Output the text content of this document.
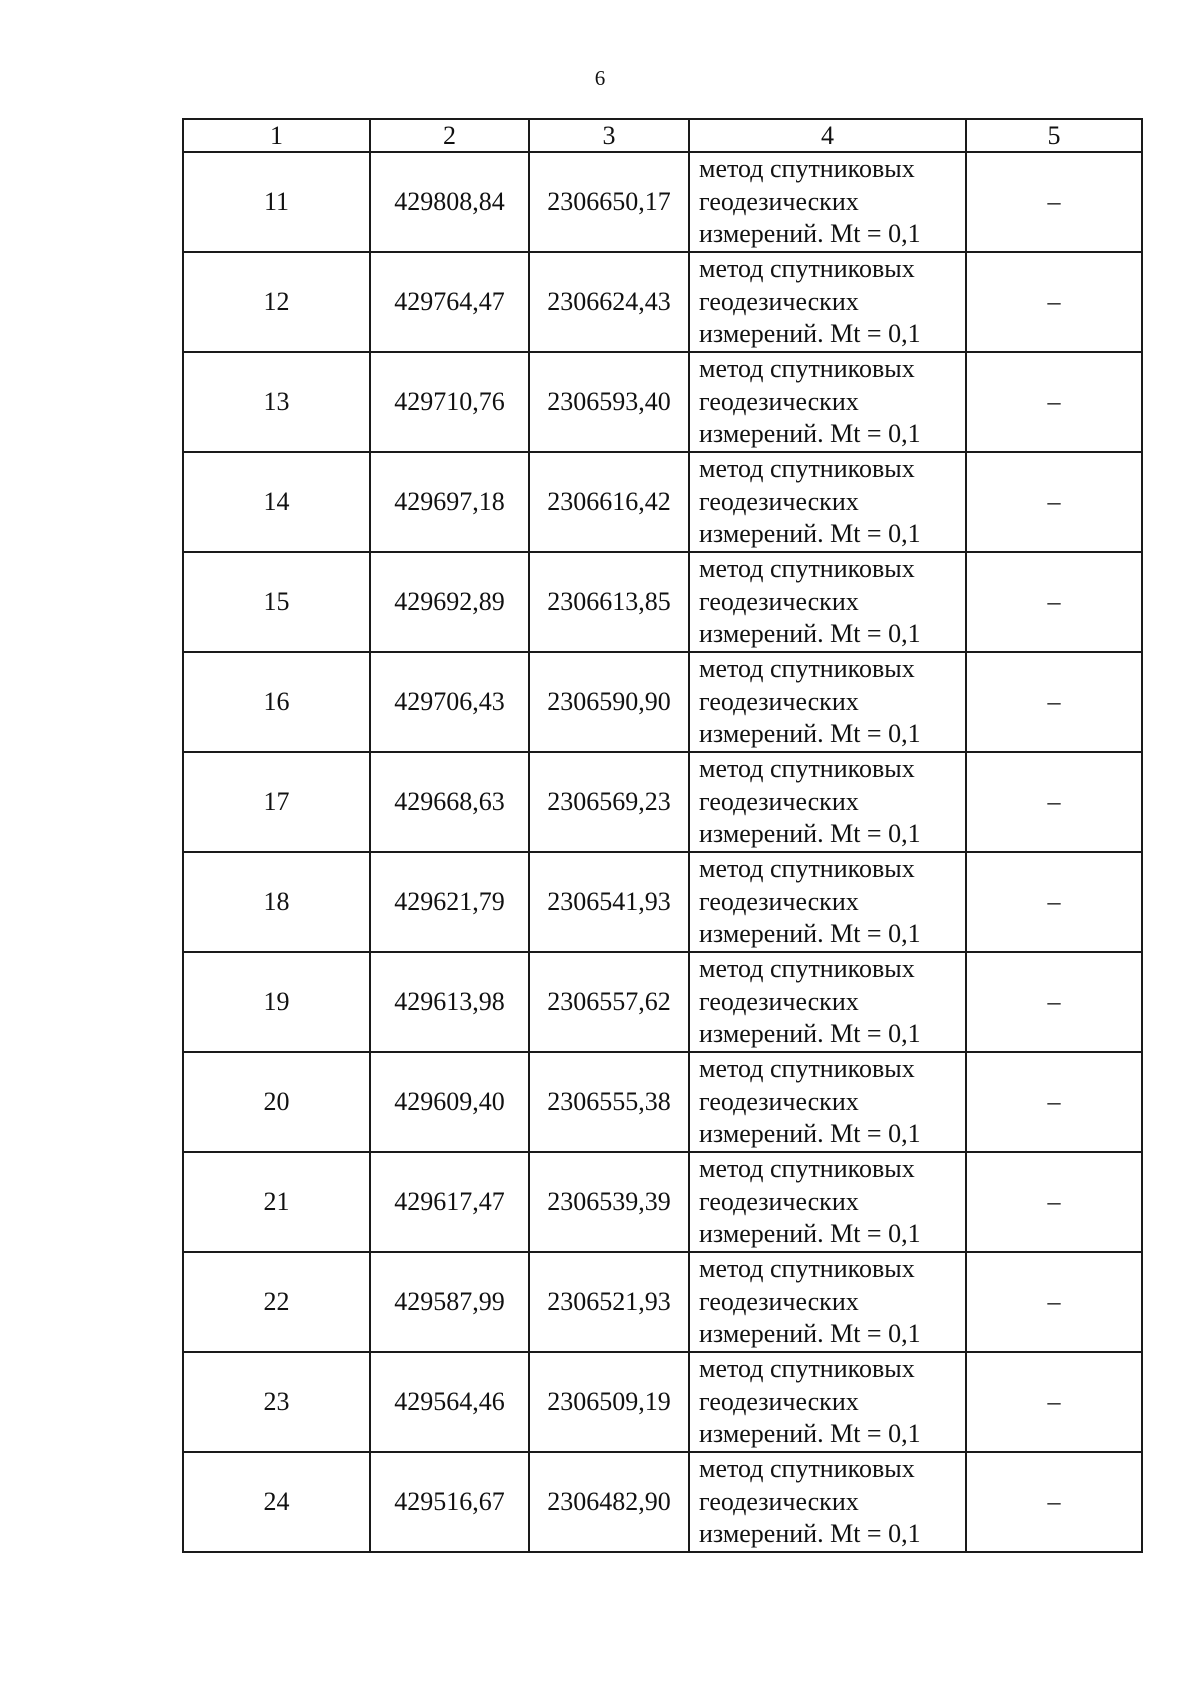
6
1	2	3	4	5
11	429808,84	2306650,17	метод спутниковых
геодезических
измерений. Mt = 0,1	–
12	429764,47	2306624,43	метод спутниковых
геодезических
измерений. Mt = 0,1	–
13	429710,76	2306593,40	метод спутниковых
геодезических
измерений. Mt = 0,1	–
14	429697,18	2306616,42	метод спутниковых
геодезических
измерений. Mt = 0,1	–
15	429692,89	2306613,85	метод спутниковых
геодезических
измерений. Mt = 0,1	–
16	429706,43	2306590,90	метод спутниковых
геодезических
измерений. Mt = 0,1	–
17	429668,63	2306569,23	метод спутниковых
геодезических
измерений. Mt = 0,1	–
18	429621,79	2306541,93	метод спутниковых
геодезических
измерений. Mt = 0,1	–
19	429613,98	2306557,62	метод спутниковых
геодезических
измерений. Mt = 0,1	–
20	429609,40	2306555,38	метод спутниковых
геодезических
измерений. Mt = 0,1	–
21	429617,47	2306539,39	метод спутниковых
геодезических
измерений. Mt = 0,1	–
22	429587,99	2306521,93	метод спутниковых
геодезических
измерений. Mt = 0,1	–
23	429564,46	2306509,19	метод спутниковых
геодезических
измерений. Mt = 0,1	–
24	429516,67	2306482,90	метод спутниковых
геодезических
измерений. Mt = 0,1	–
